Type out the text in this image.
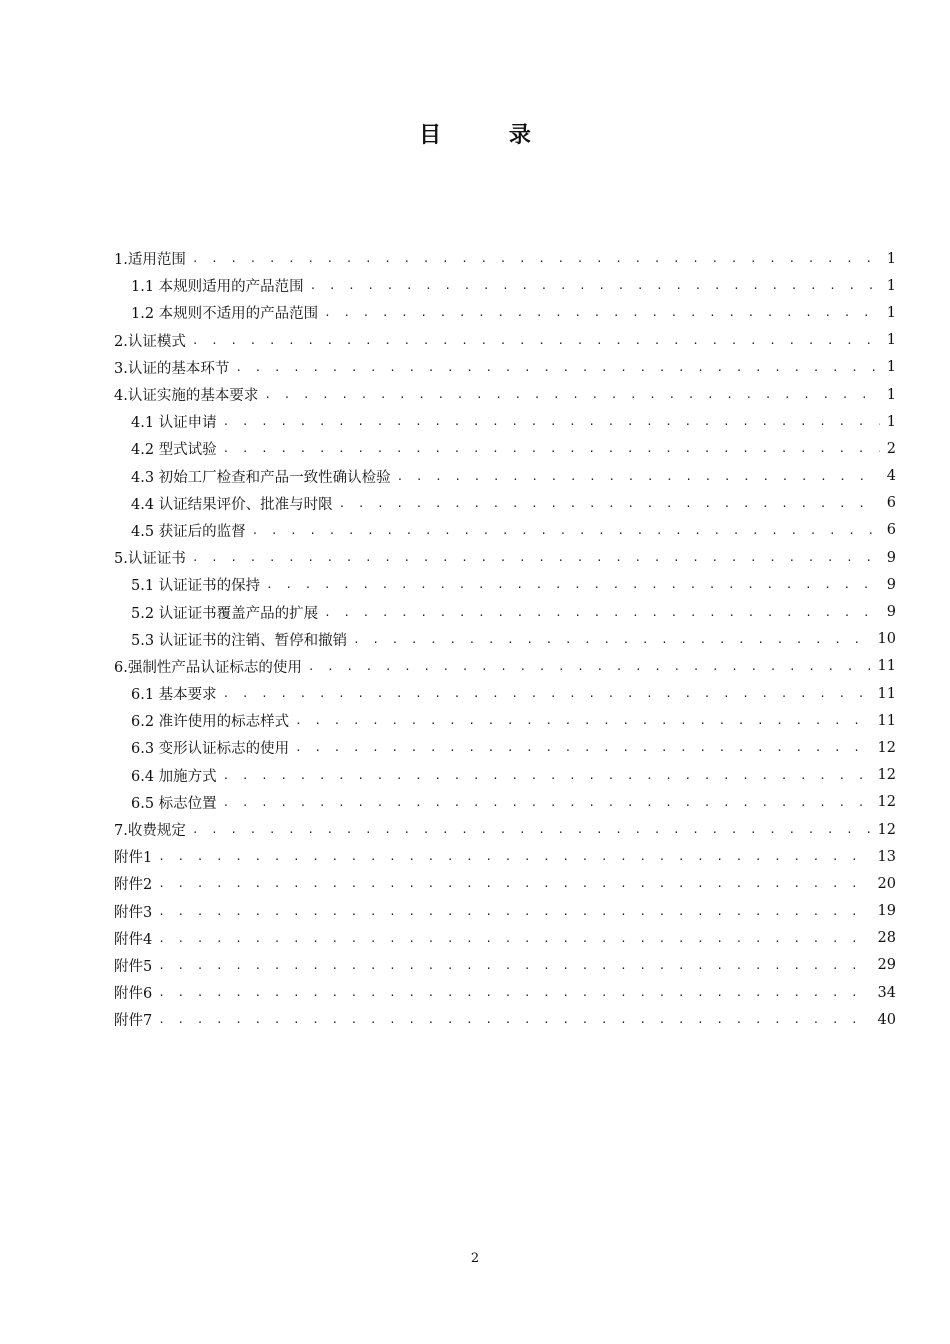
目 录
1.适用范围 . . .	1
1.1 本规则适用的产品范围 . . .	1
1.2 本规则不适用的产品范围 . . .	1
2.认证模式 . . .	1
3.认证的基本环节 . . .	1
4.认证实施的基本要求 . . .	1
4.1 认证申请 . . .	1
4.2 型式试验 . . .	2
4.3 初始工厂检查和产品一致性确认检验 . . .	4
4.4 认证结果评价、批准与时限 . . .	6
4.5 获证后的监督 . . .	6
5.认证证书 . . .	9
5.1 认证证书的保持 . . .	9
5.2 认证证书覆盖产品的扩展 . . .	9
5.3 认证证书的注销、暂停和撤销 . . .	10
6.强制性产品认证标志的使用 . . .	11
6.1 基本要求 . . .	11
6.2 准许使用的标志样式 . . .	11
6.3 变形认证标志的使用 . . .	12
6.4 加施方式 . . .	12
6.5 标志位置 . . .	12
7.收费规定 . . .	12
附件1 . . .	13
附件2 . . .	20
附件3 . . .	19
附件4 . . .	28
附件5 . . .	29
附件6 . . .	34
附件7 . . .	40
2
